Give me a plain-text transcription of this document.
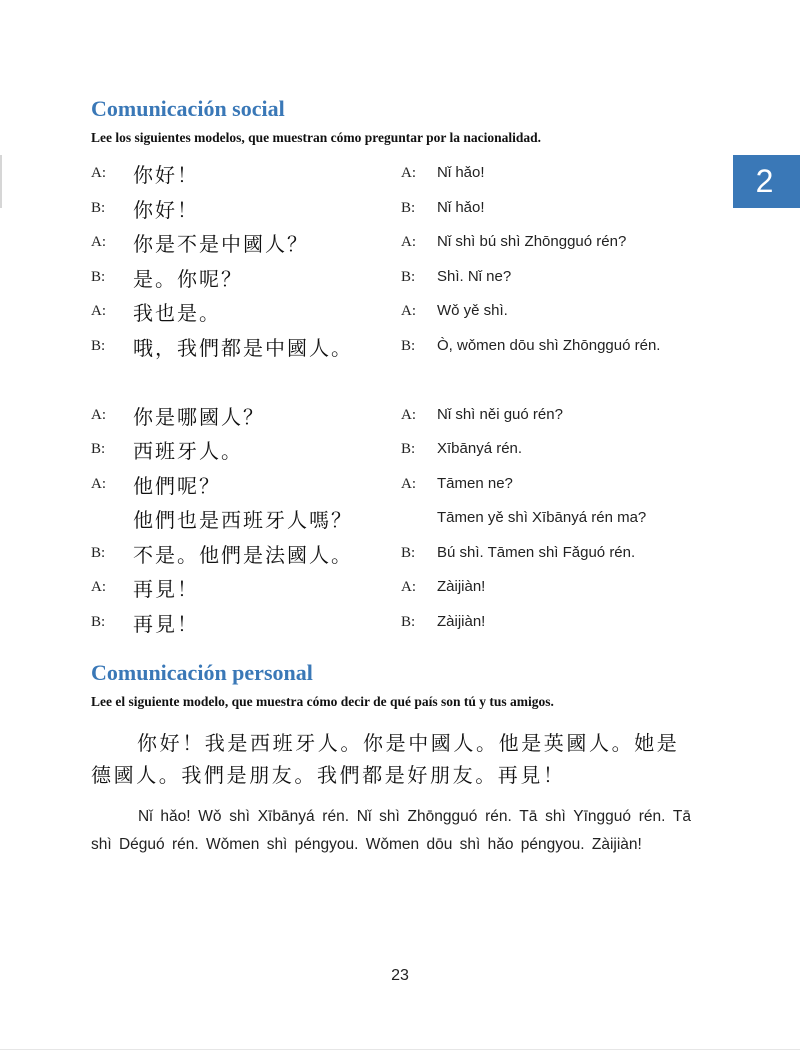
Comunicación social

Lee los siguientes modelos, que muestran cómo preguntar por la nacionalidad.

2
A: 你好！	A: Nǐ hǎo!
B: 你好！	B: Nǐ hǎo!
A: 你是不是中國人？	A: Nǐ shì bú shì Zhōngguó rén?
B: 是。你呢？	B: Shì. Nǐ ne?
A: 我也是。	A: Wǒ yě shì.
B: 哦，我們都是中國人。	B: Ò, wǒmen dōu shì Zhōngguó rén.
A: 你是哪國人？	A: Nǐ shì něi guó rén?
B: 西班牙人。	B: Xībānyá rén.
A: 他們呢？	A: Tāmen ne?
他們也是西班牙人嗎？	Tāmen yě shì Xībānyá rén ma?
B: 不是。他們是法國人。	B: Bú shì. Tāmen shì Fǎguó rén.
A: 再見！	A: Zàijiàn!
B: 再見！	B: Zàijiàn!
Comunicación personal

Lee el siguiente modelo, que muestra cómo decir de qué país son tú y tus amigos.

你好！我是西班牙人。你是中國人。他是英國人。她是德國人。我們是朋友。我們都是好朋友。再見！

Nǐ hǎo! Wǒ shì Xībānyá rén. Nǐ shì Zhōngguó rén. Tā shì Yīngguó rén. Tā shì Déguó rén. Wǒmen shì péngyou. Wǒmen dōu shì hǎo péngyou. Zàijiàn!

23
